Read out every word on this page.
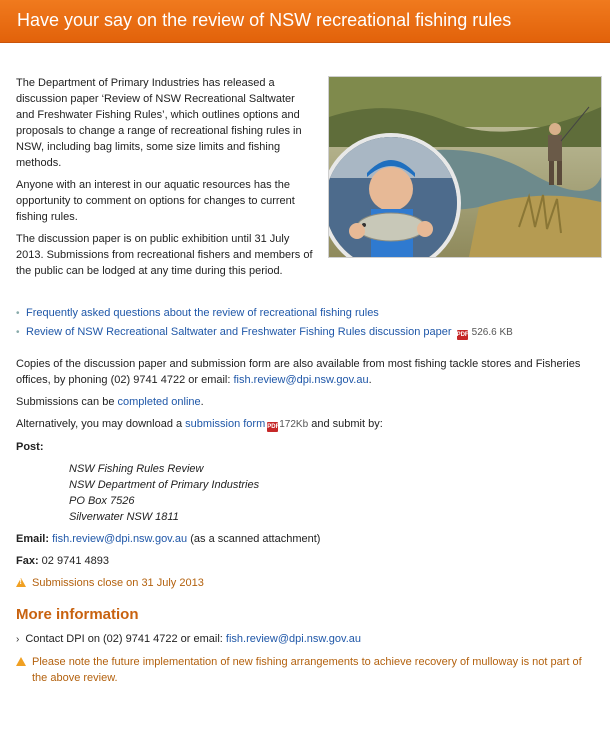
Have your say on the review of NSW recreational fishing rules

The Department of Primary Industries has released a discussion paper ‘Review of NSW Recreational Saltwater and Freshwater Fishing Rules’, which outlines options and proposals to change a range of recreational fishing rules in NSW, including bag limits, some size limits and fishing methods.

Anyone with an interest in our aquatic resources has the opportunity to comment on options for changes to current fishing rules.

The discussion paper is on public exhibition until 31 July 2013. Submissions from recreational fishers and members of the public can be lodged at any time during this period.

• Frequently asked questions about the review of recreational fishing rules
• Review of NSW Recreational Saltwater and Freshwater Fishing Rules discussion paper PDF 526.6 KB

Copies of the discussion paper and submission form are also available from most fishing tackle stores and Fisheries offices, by phoning (02) 9741 4722 or email: fish.review@dpi.nsw.gov.au.

Submissions can be completed online.

Alternatively, you may download a submission form PDF172Kb and submit by:

Post:

NSW Fishing Rules Review
NSW Department of Primary Industries
PO Box 7526
Silverwater NSW 1811

Email: fish.review@dpi.nsw.gov.au (as a scanned attachment)

Fax: 02 9741 4893

!Submissions close on 31 July 2013

More information

› Contact DPI on (02) 9741 4722 or email: fish.review@dpi.nsw.gov.au

!Please note the future implementation of new fishing arrangements to achieve recovery of mulloway is not part of the above review.
